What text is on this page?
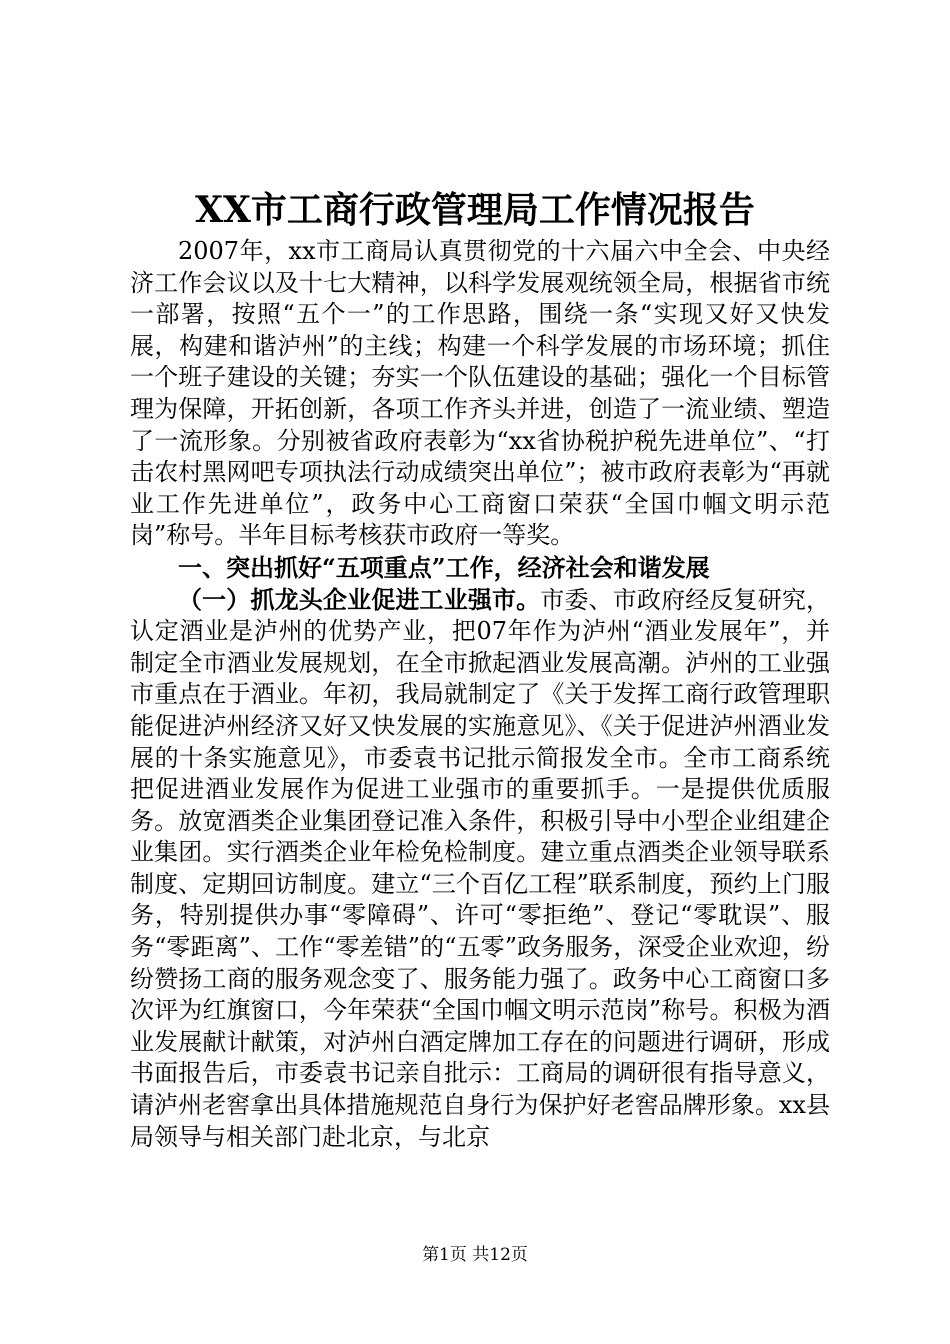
XX市工商行政管理局工作情况报告

2007年，xx市工商局认真贯彻党的十六届六中全会、中央经济工作会议以及十七大精神，以科学发展观统领全局，根据省市统一部署，按照“五个一”的工作思路，围绕一条“实现又好又快发展，构建和谐泸州”的主线；构建一个科学发展的市场环境；抓住一个班子建设的关键；夯实一个队伍建设的基础；强化一个目标管理为保障，开拓创新，各项工作齐头并进，创造了一流业绩、塑造了一流形象。分别被省政府表彰为“xx省协税护税先进单位”、“打击农村黑网吧专项执法行动成绩突出单位”；被市政府表彰为“再就业工作先进单位”，政务中心工商窗口荣获“全国巾帼文明示范岗”称号。半年目标考核获市政府一等奖。

一、突出抓好“五项重点”工作，经济社会和谐发展

（一）抓龙头企业促进工业强市。市委、市政府经反复研究，认定酒业是泸州的优势产业，把07年作为泸州“酒业发展年”，并制定全市酒业发展规划，在全市掀起酒业发展高潮。泸州的工业强市重点在于酒业。年初，我局就制定了《关于发挥工商行政管理职能促进泸州经济又好又快发展的实施意见》、《关于促进泸州酒业发展的十条实施意见》，市委袁书记批示简报发全市。全市工商系统把促进酒业发展作为促进工业强市的重要抓手。一是提供优质服务。放宽酒类企业集团登记准入条件，积极引导中小型企业组建企业集团。实行酒类企业年检免检制度。建立重点酒类企业领导联系制度、定期回访制度。建立“三个百亿工程”联系制度，预约上门服务，特别提供办事“零障碍”、许可“零拒绝”、登记“零耽误”、服务“零距离”、工作“零差错”的“五零”政务服务，深受企业欢迎，纷纷赞扬工商的服务观念变了、服务能力强了。政务中心工商窗口多次评为红旗窗口，今年荣获“全国巾帼文明示范岗”称号。积极为酒业发展献计献策，对泸州白酒定牌加工存在的问题进行调研，形成书面报告后，市委袁书记亲自批示：工商局的调研很有指导意义，请泸州老窖拿出具体措施规范自身行为保护好老窖品牌形象。xx县局领导与相关部门赴北京，与北京

第1页 共12页
